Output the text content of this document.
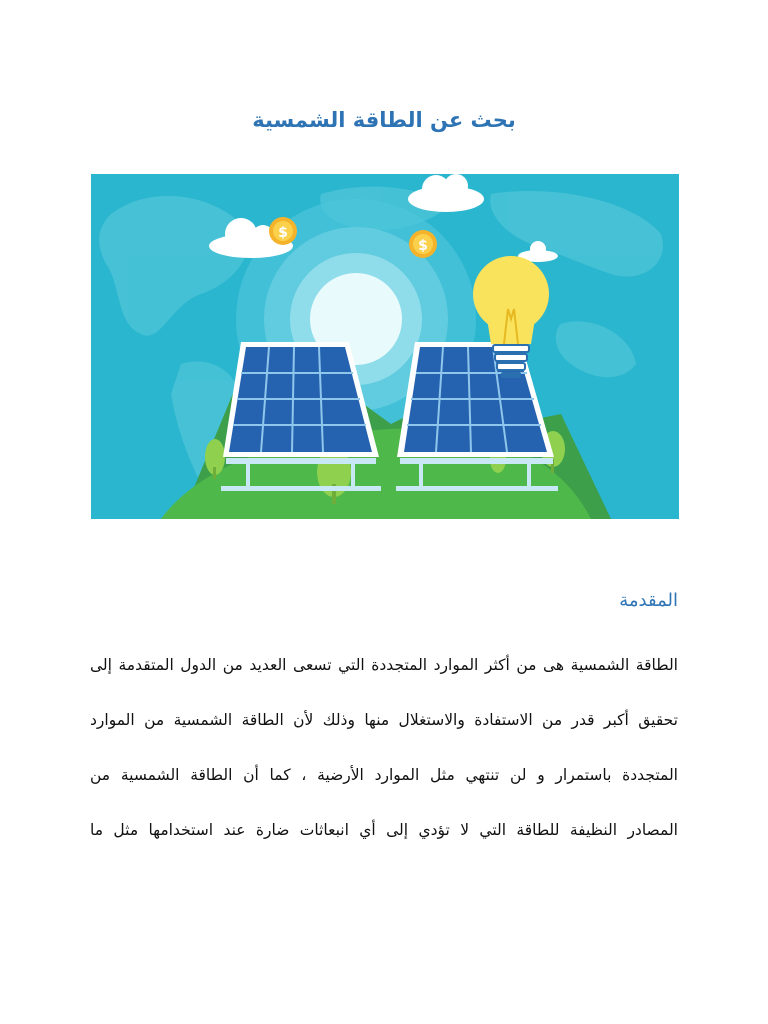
بحث عن الطاقة الشمسية
$
$
المقدمة
الطاقة الشمسية هى من أكثر الموارد المتجددة التي تسعى العديد من الدول المتقدمة إلى
تحقيق أكبر قدر من الاستفادة والاستغلال منها وذلك لأن الطاقة الشمسية من الموارد
المتجددة باستمرار و لن تنتهي مثل الموارد الأرضية ، كما أن الطاقة الشمسية من
المصادر النظيفة للطاقة التي لا تؤدي إلى أي انبعاثات ضارة عند استخدامها مثل ما
